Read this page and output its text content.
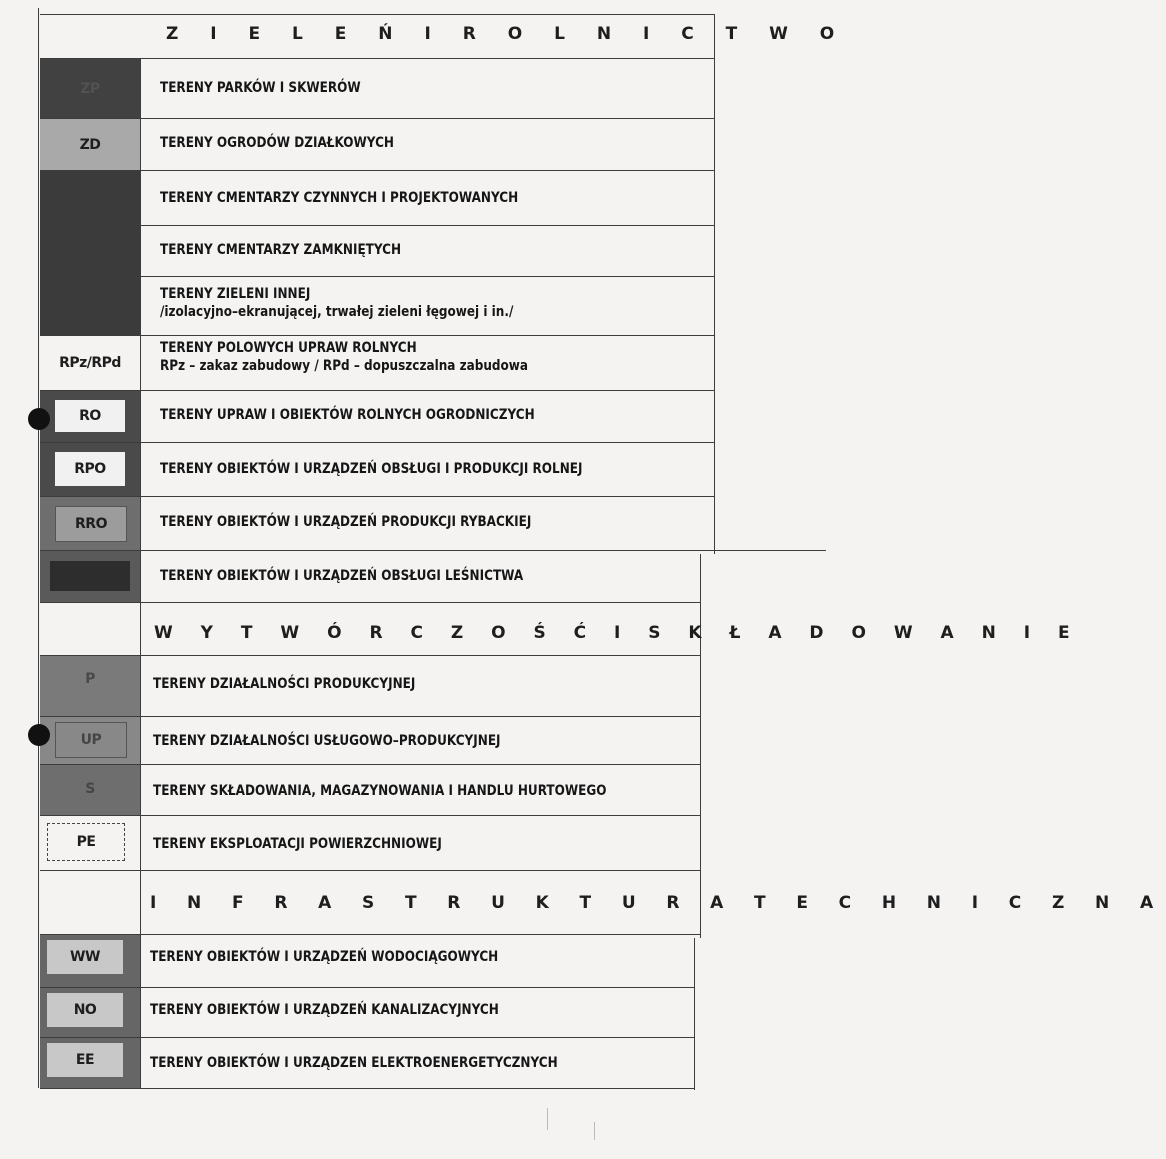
Z I E L E Ń I R O L N I C T W O
W Y T W Ó R C Z O Ś Ć I S K Ł A D O W A N I E
I N F R A S T R U K T U R A T E C H N I C Z N A
ZP
ZD
RPz/RPd
RO
RPO
RRO
P
UP
S
PE
WW
NO
EE
TERENY PARKÓW I SKWERÓW
TERENY OGRODÓW DZIAŁKOWYCH
TERENY CMENTARZY CZYNNYCH I PROJEKTOWANYCH
TERENY CMENTARZY ZAMKNIĘTYCH
TERENY ZIELENI INNEJ
/izolacyjno–ekranującej, trwałej zieleni łęgowej i in./
TERENY POLOWYCH UPRAW ROLNYCH
RPz – zakaz zabudowy / RPd – dopuszczalna zabudowa
TERENY UPRAW I OBIEKTÓW ROLNYCH OGRODNICZYCH
TERENY OBIEKTÓW I URZĄDZEŃ OBSŁUGI I PRODUKCJI ROLNEJ
TERENY OBIEKTÓW I URZĄDZEŃ PRODUKCJI RYBACKIEJ
TERENY OBIEKTÓW I URZĄDZEŃ OBSŁUGI LEŚNICTWA
TERENY DZIAŁALNOŚCI PRODUKCYJNEJ
TERENY DZIAŁALNOŚCI USŁUGOWO–PRODUKCYJNEJ
TERENY SKŁADOWANIA, MAGAZYNOWANIA I HANDLU HURTOWEGO
TERENY EKSPLOATACJI POWIERZCHNIOWEJ
TERENY OBIEKTÓW I URZĄDZEŃ WODOCIĄGOWYCH
TERENY OBIEKTÓW I URZĄDZEŃ KANALIZACYJNYCH
TERENY OBIEKTÓW I URZĄDZEN ELEKTROENERGETYCZNYCH
